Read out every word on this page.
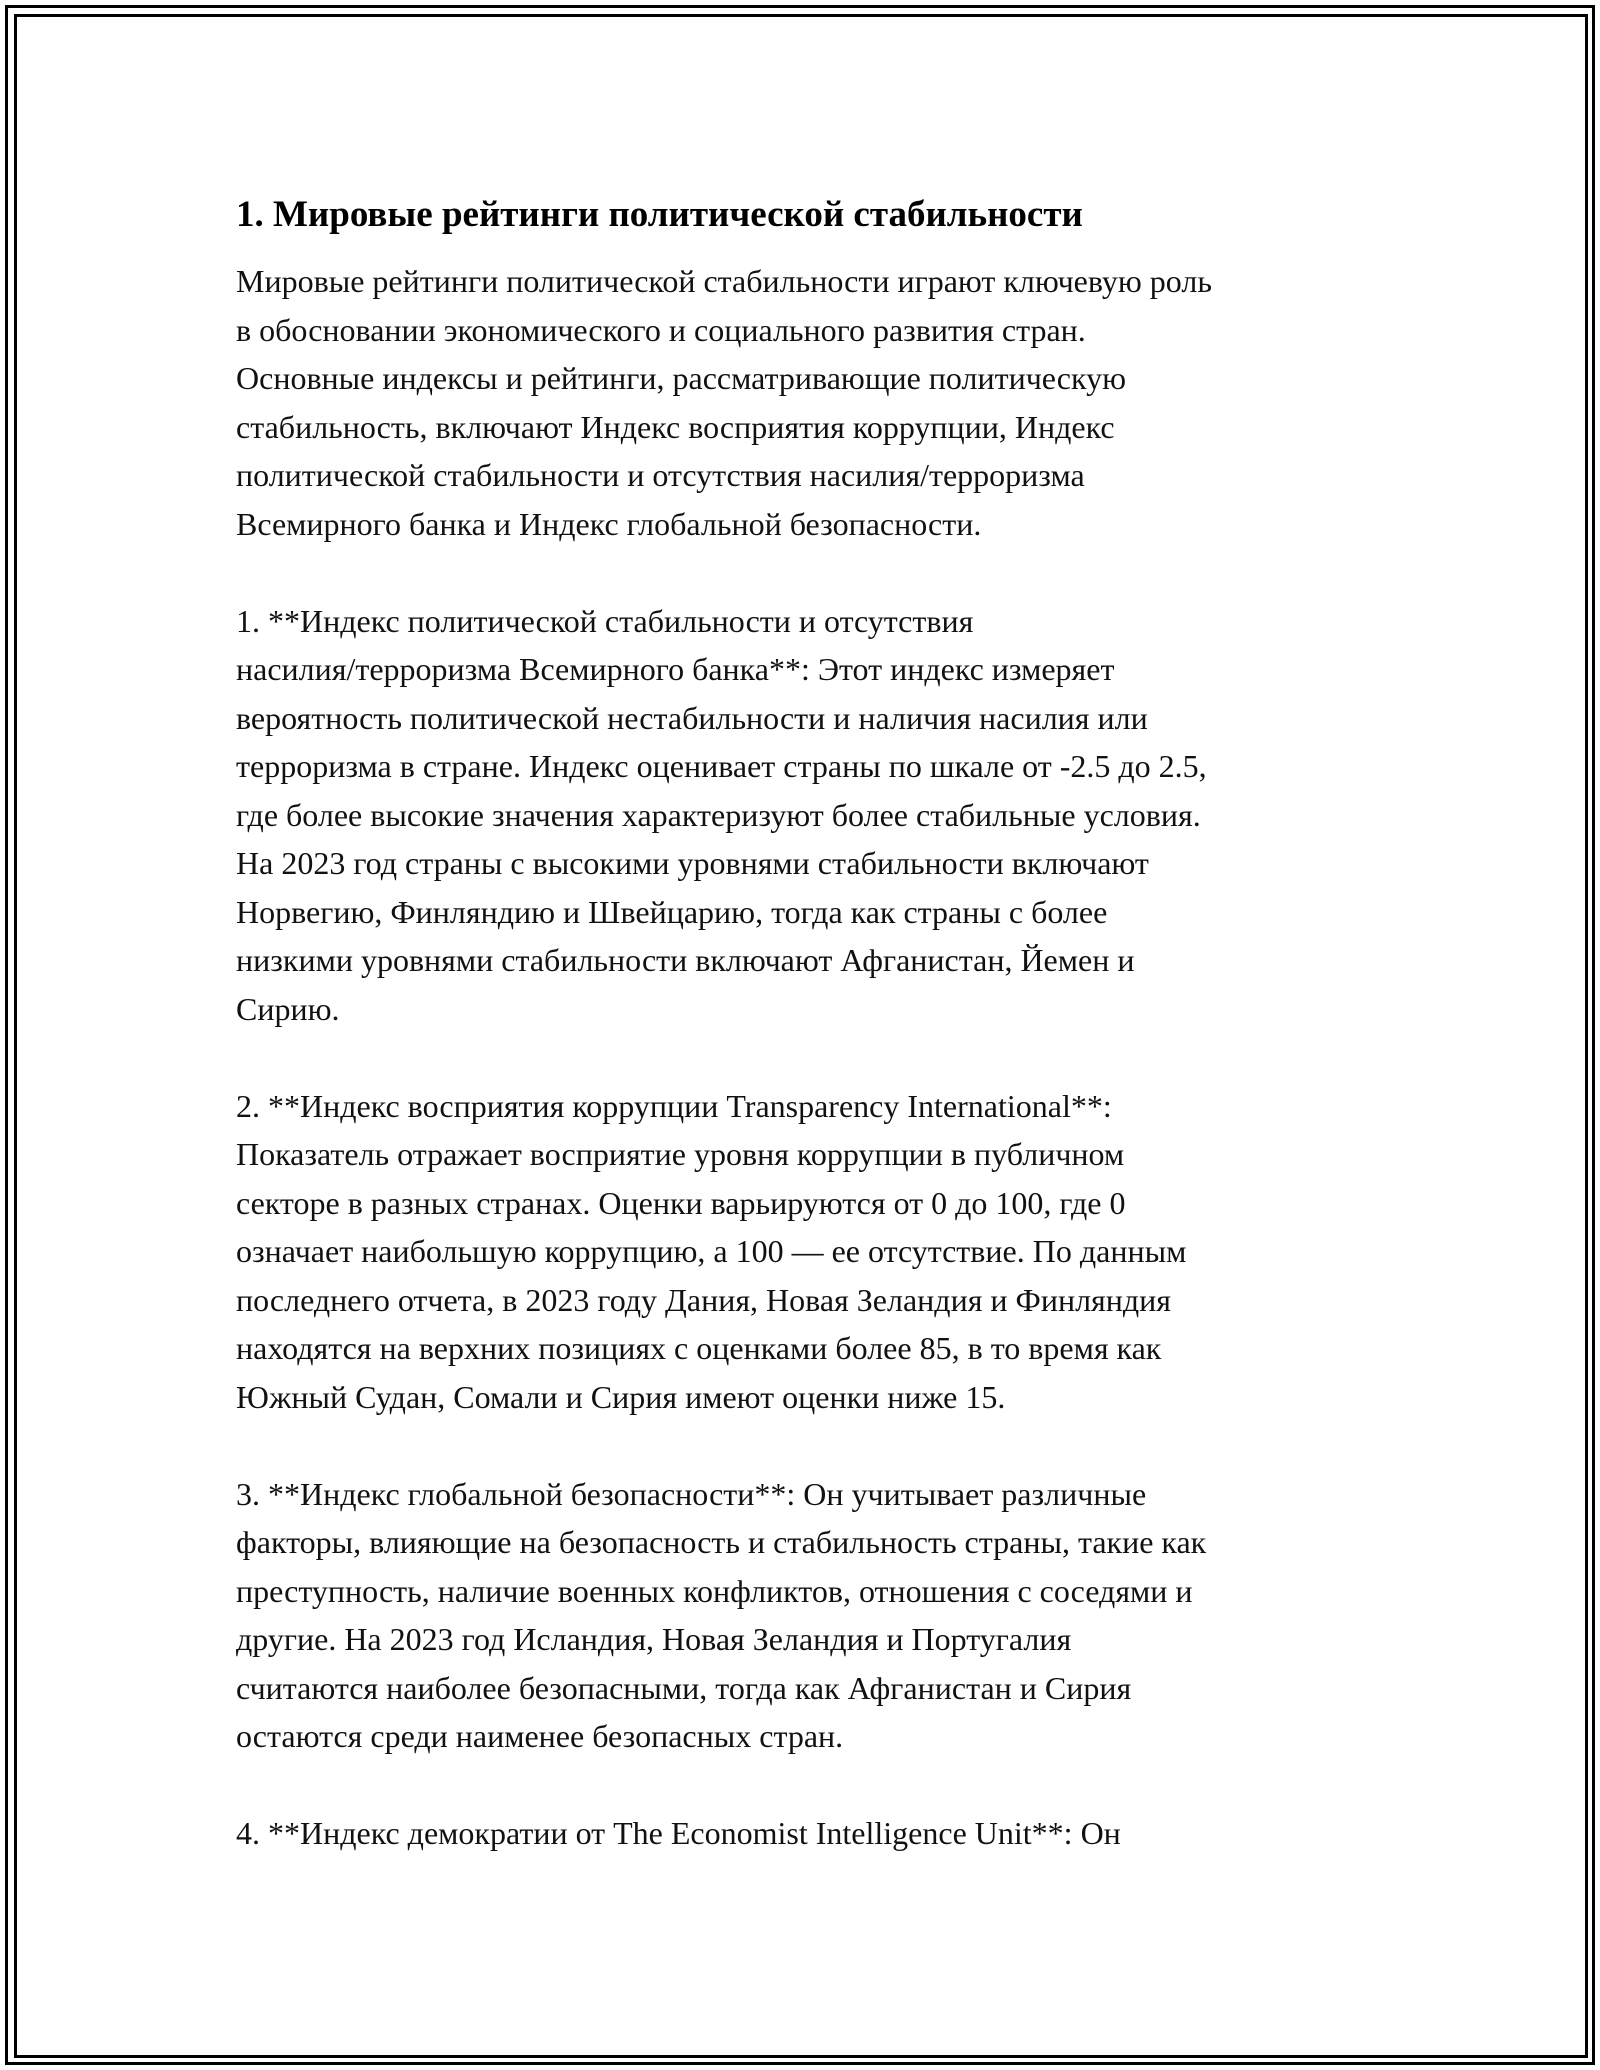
1. Мировые рейтинги политической стабильности

Мировые рейтинги политической стабильности играют ключевую роль
в обосновании экономического и социального развития стран.
Основные индексы и рейтинги, рассматривающие политическую
стабильность, включают Индекс восприятия коррупции, Индекс
политической стабильности и отсутствия насилия/терроризма
Всемирного банка и Индекс глобальной безопасности.

1. **Индекс политической стабильности и отсутствия
насилия/терроризма Всемирного банка**: Этот индекс измеряет
вероятность политической нестабильности и наличия насилия или
терроризма в стране. Индекс оценивает страны по шкале от -2.5 до 2.5,
где более высокие значения характеризуют более стабильные условия.
На 2023 год страны с высокими уровнями стабильности включают
Норвегию, Финляндию и Швейцарию, тогда как страны с более
низкими уровнями стабильности включают Афганистан, Йемен и
Сирию.

2. **Индекс восприятия коррупции Transparency International**:
Показатель отражает восприятие уровня коррупции в публичном
секторе в разных странах. Оценки варьируются от 0 до 100, где 0
означает наибольшую коррупцию, а 100 — ее отсутствие. По данным
последнего отчета, в 2023 году Дания, Новая Зеландия и Финляндия
находятся на верхних позициях с оценками более 85, в то время как
Южный Судан, Сомали и Сирия имеют оценки ниже 15.

3. **Индекс глобальной безопасности**: Он учитывает различные
факторы, влияющие на безопасность и стабильность страны, такие как
преступность, наличие военных конфликтов, отношения с соседями и
другие. На 2023 год Исландия, Новая Зеландия и Португалия
считаются наиболее безопасными, тогда как Афганистан и Сирия
остаются среди наименее безопасных стран.

4. **Индекс демократии от The Economist Intelligence Unit**: Он
